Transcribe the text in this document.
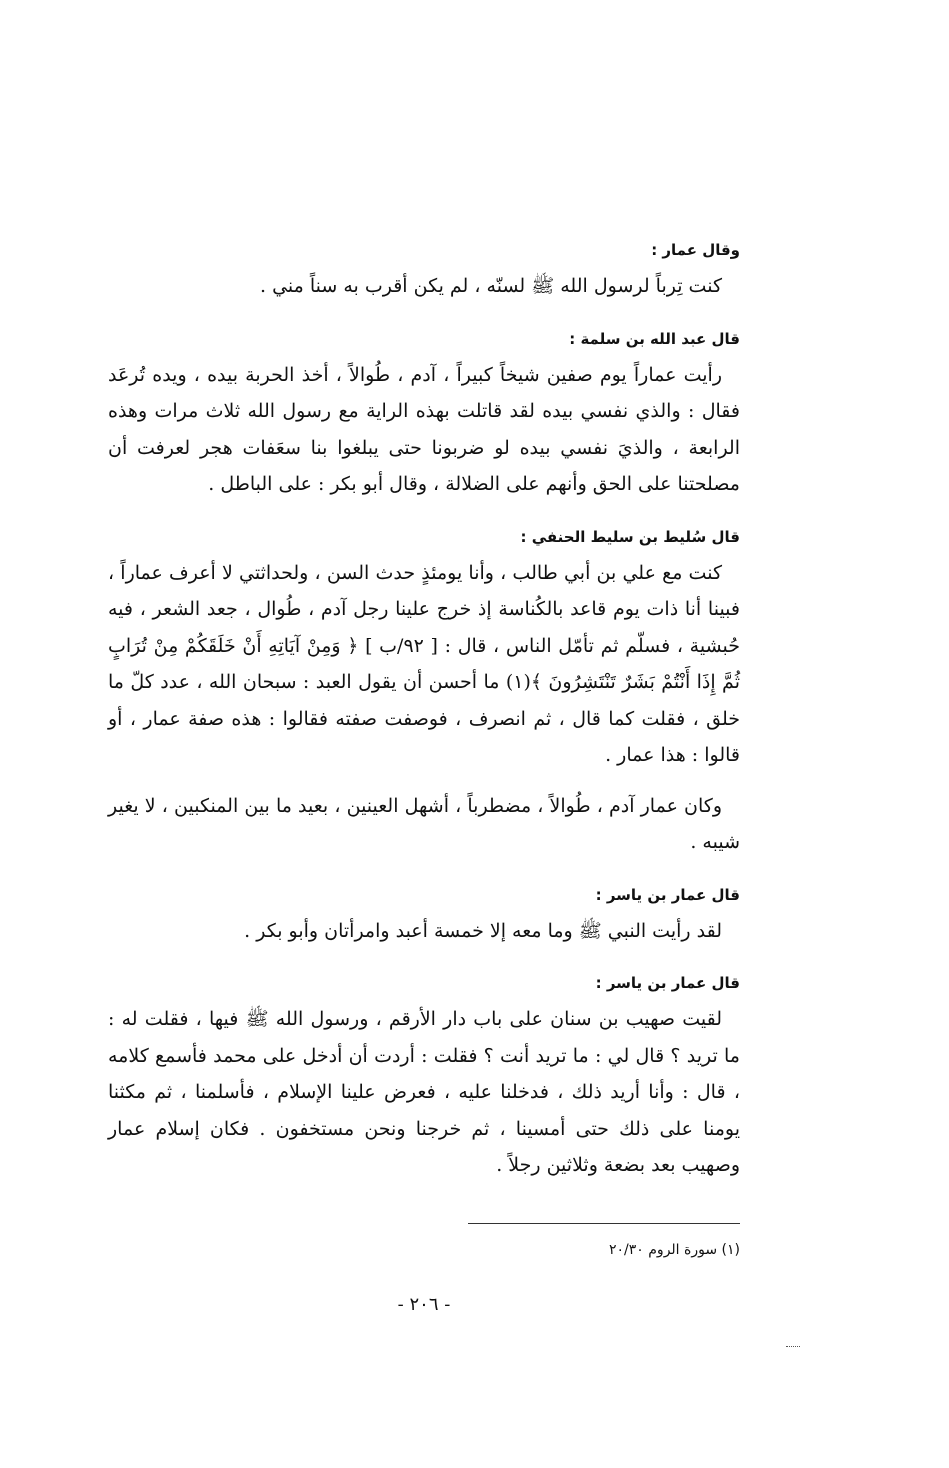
وقال عمار :

كنت تِرباً لرسول الله ﷺ لسنّه ، لم يكن أقرب به سناً مني .

قال عبد الله بن سلمة :

رأيت عماراً يوم صفين شيخاً كبيراً ، آدم ، طُوالاً ، أخذ الحربة بيده ، ويده تُرعَد فقال : والذي نفسي بيده لقد قاتلت بهذه الراية مع رسول الله ثلاث مرات وهذه الرابعة ، والذيَ نفسي بيده لو ضربونا حتى يبلغوا بنا سعَفات هجر لعرفت أن مصلحتنا على الحق وأنهم على الضلالة ، وقال أبو بكر : على الباطل .

قال سُليط بن سليط الحنفي :

كنت مع علي بن أبي طالب ، وأنا يومئذٍ حدث السن ، ولحداثتي لا أعرف عماراً ، فبينا أنا ذات يوم قاعد بالكُناسة إذ خرج علينا رجل آدم ، طُوال ، جعد الشعر ، فيه حُبشية ، فسلّم ثم تأمّل الناس ، قال : [ ٩٢/ب ] ﴿ وَمِنْ آيَاتِهِ أَنْ خَلَقَكُمْ مِنْ تُرَابٍ ثُمَّ إِذَا أَنْتُمْ بَشَرٌ تَنْتَشِرُونَ ﴾(١) ما أحسن أن يقول العبد : سبحان الله ، عدد كلّ ما خلق ، فقلت كما قال ، ثم انصرف ، فوصفت صفته فقالوا : هذه صفة عمار ، أو قالوا : هذا عمار .

وكان عمار آدم ، طُوالاً ، مضطرباً ، أشهل العينين ، بعيد ما بين المنكبين ، لا يغير شيبه .

قال عمار بن ياسر :

لقد رأيت النبي ﷺ وما معه إلا خمسة أعبد وامرأتان وأبو بكر .

قال عمار بن ياسر :

لقيت صهيب بن سنان على باب دار الأرقم ، ورسول الله ﷺ فيها ، فقلت له : ما تريد ؟ قال لي : ما تريد أنت ؟ فقلت : أردت أن أدخل على محمد فأسمع كلامه ، قال : وأنا أريد ذلك ، فدخلنا عليه ، فعرض علينا الإسلام ، فأسلمنا ، ثم مكثنا يومنا على ذلك حتى أمسينا ، ثم خرجنا ونحن مستخفون . فكان إسلام عمار وصهيب بعد بضعة وثلاثين رجلاً .

(١) سورة الروم ٢٠/٣٠
- ٢٠٦ -
